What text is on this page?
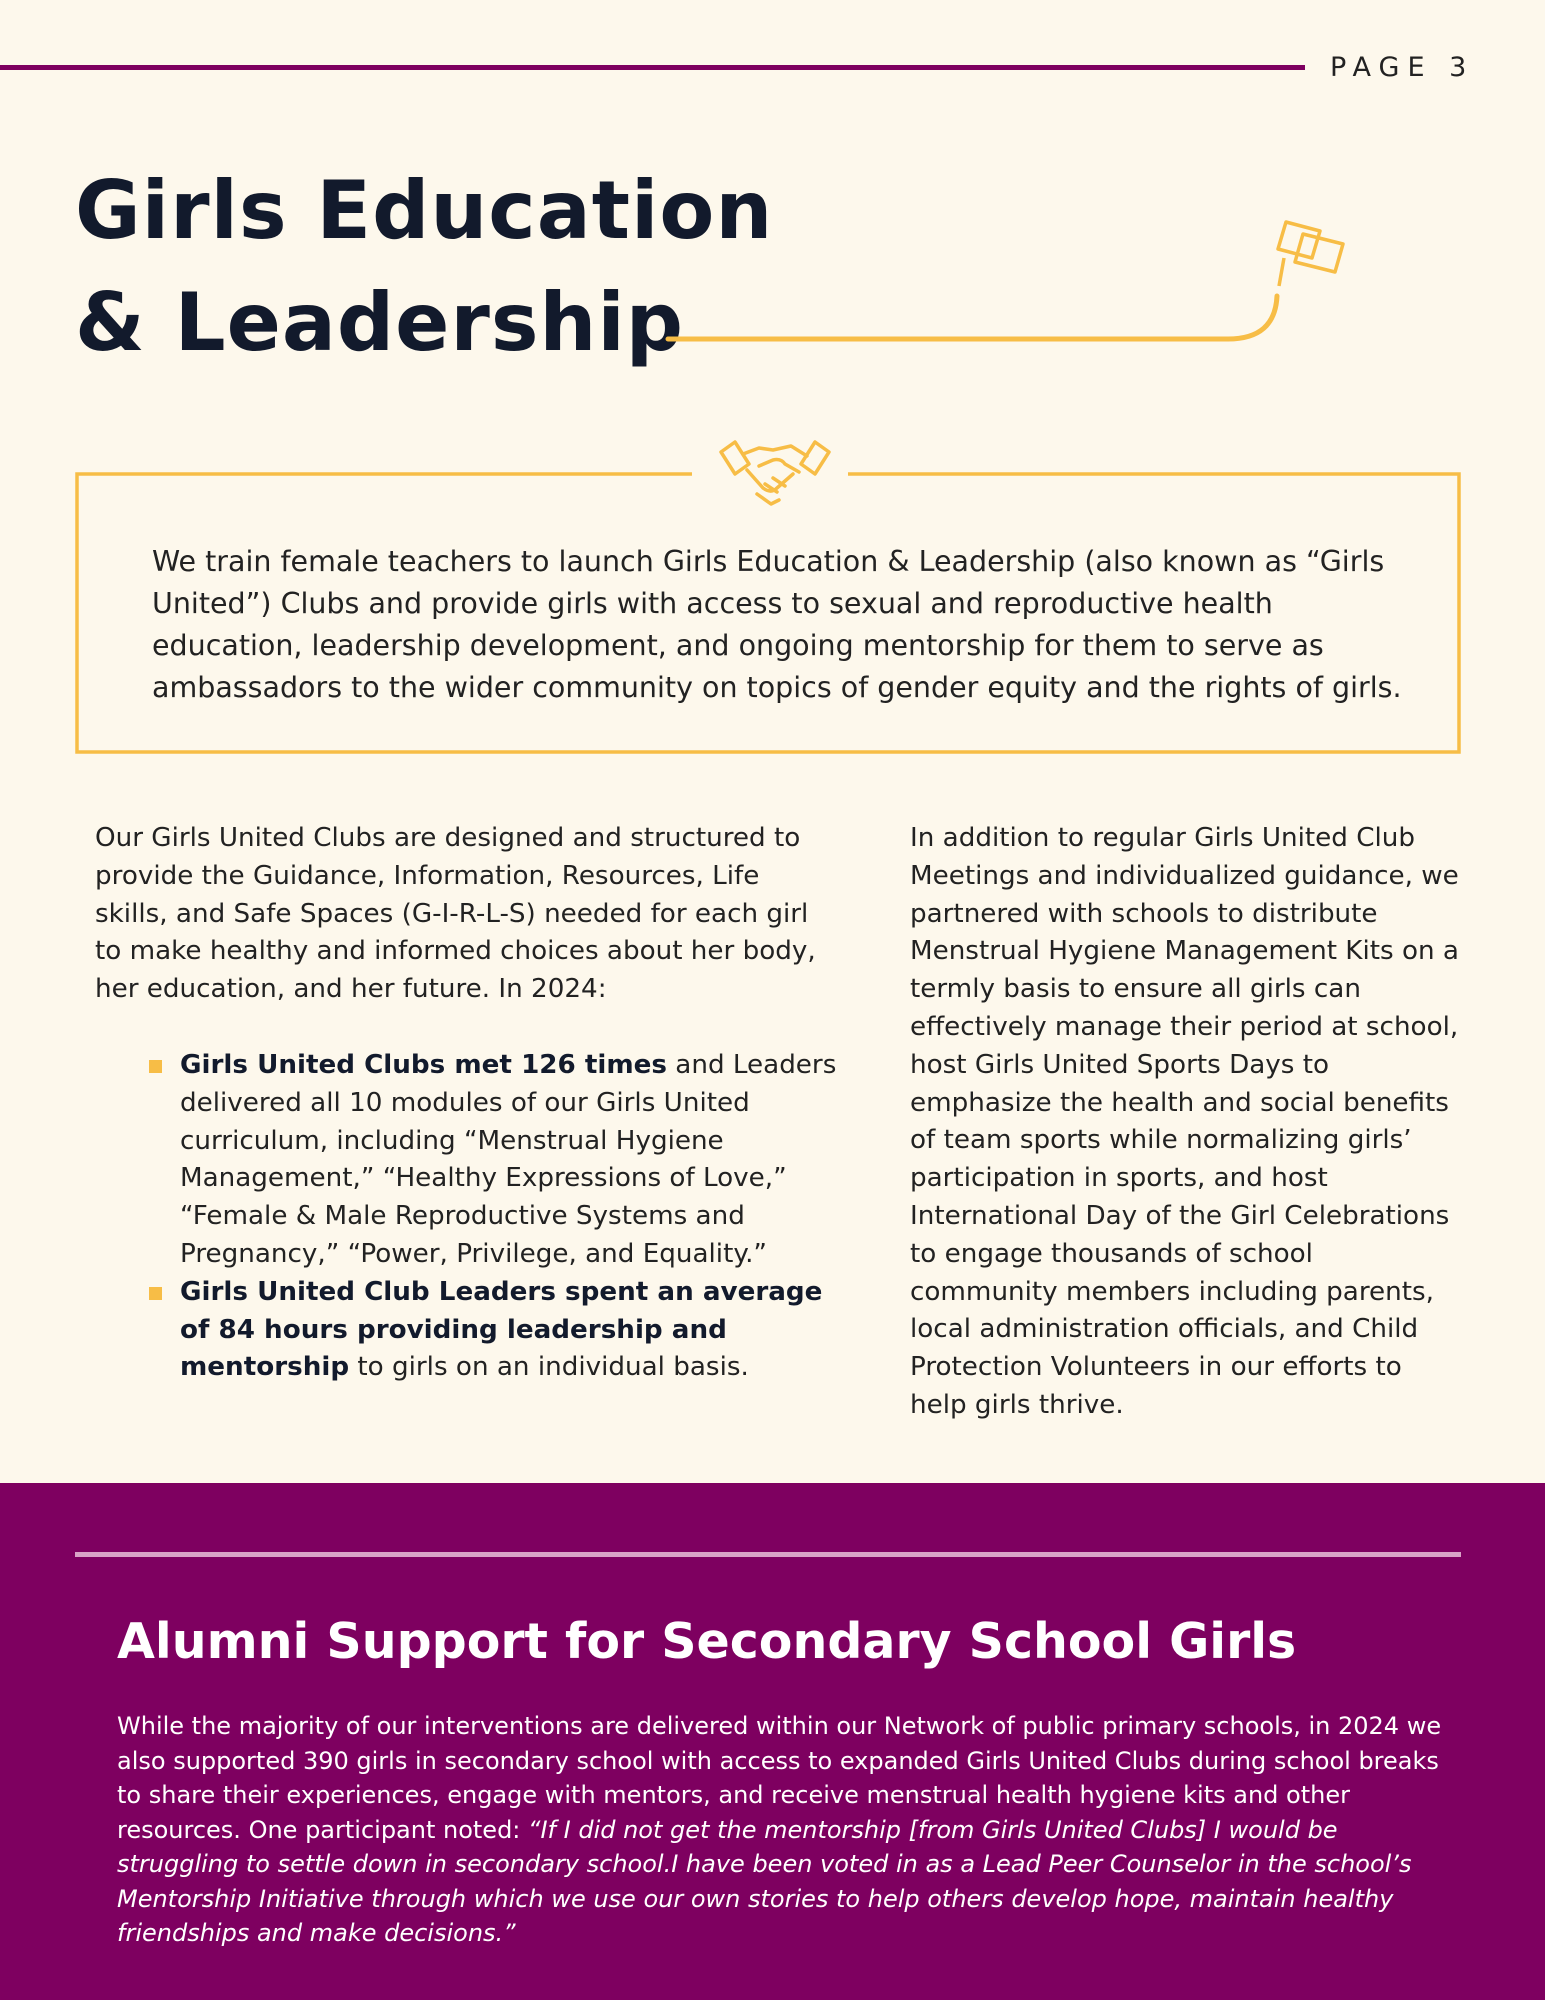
PAGE 3
Girls Education
& Leadership

We train female teachers to launch Girls Education & Leadership (also known as “Girls United”) Clubs and provide girls with access to sexual and reproductive health education, leadership development, and ongoing mentorship for them to serve as ambassadors to the wider community on topics of gender equity and the rights of girls.

Our Girls United Clubs are designed and structured to provide the Guidance, Information, Resources, Life skills, and Safe Spaces (G-I-R-L-S) needed for each girl to make healthy and informed choices about her body, her education, and her future. In 2024:

Girls United Clubs met 126 times and Leaders delivered all 10 modules of our Girls United curriculum, including “Menstrual Hygiene Management,” “Healthy Expressions of Love,” “Female & Male Reproductive Systems and Pregnancy,” “Power, Privilege, and Equality.”
Girls United Club Leaders spent an average of 84 hours providing leadership and mentorship to girls on an individual basis.

In addition to regular Girls United Club Meetings and individualized guidance, we partnered with schools to distribute Menstrual Hygiene Management Kits on a termly basis to ensure all girls can effectively manage their period at school, host Girls United Sports Days to emphasize the health and social benefits of team sports while normalizing girls’ participation in sports, and host International Day of the Girl Celebrations to engage thousands of school community members including parents, local administration officials, and Child Protection Volunteers in our efforts to help girls thrive.

Alumni Support for Secondary School Girls

While the majority of our interventions are delivered within our Network of public primary schools, in 2024 we also supported 390 girls in secondary school with access to expanded Girls United Clubs during school breaks to share their experiences, engage with mentors, and receive menstrual health hygiene kits and other resources. One participant noted: “If I did not get the mentorship [from Girls United Clubs] I would be struggling to settle down in secondary school.I have been voted in as a Lead Peer Counselor in the school’s Mentorship Initiative through which we use our own stories to help others develop hope, maintain healthy friendships and make decisions.”
